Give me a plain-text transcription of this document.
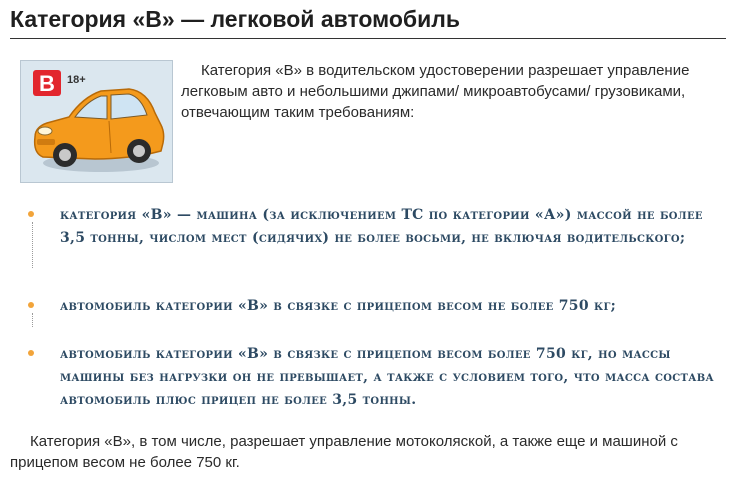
Категория «В» — легковой автомобиль
B 18+
Категория «В» в водительском удостоверении разрешает управление легковым авто и небольшими джипами/ микроавтобусами/ грузовиками, отвечающим таким требованиям:
категория «В» — машина (за исключением ТС по категории «А») массой не более 3,5 тонны, числом мест (сидячих) не более восьми, не включая водительского;
автомобиль категории «В» в связке с прицепом весом не более 750 кг;
автомобиль категории «В» в связке с прицепом весом более 750 кг, но массы машины без нагрузки он не превышает, а также с условием того, что масса состава автомобиль плюс прицеп не более 3,5 тонны.
Категория «В», в том числе, разрешает управление мотоколяской, а также еще и машиной с прицепом весом не более 750 кг.
